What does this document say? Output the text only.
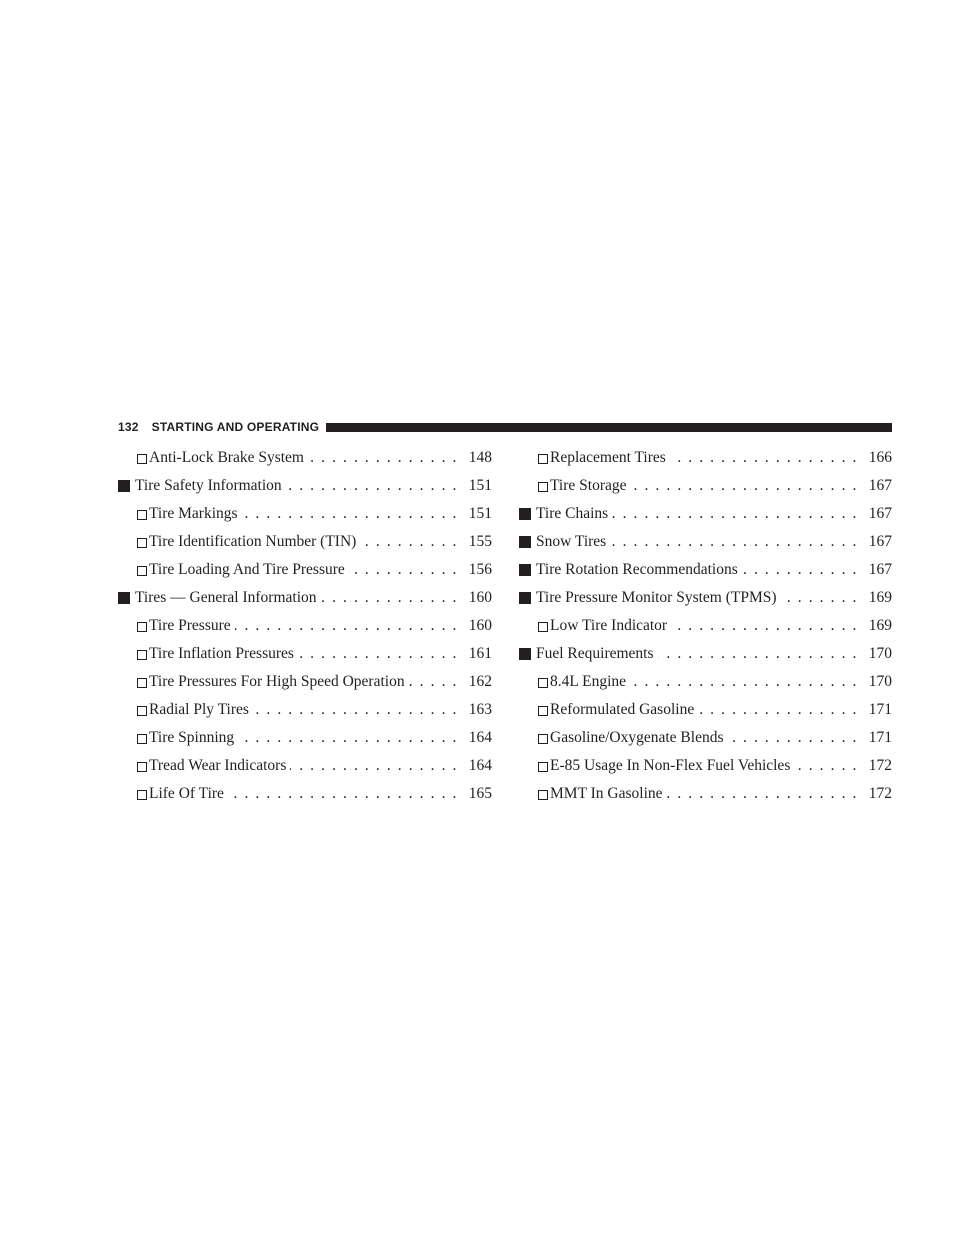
132 STARTING AND OPERATING
Anti-Lock Brake System . . .	148
Tire Safety Information . . .	151
Tire Markings . . .	151
Tire Identification Number (TIN) . . .	155
Tire Loading And Tire Pressure . . .	156
Tires — General Information . . .	160
Tire Pressure . . .	160
Tire Inflation Pressures . . .	161
Tire Pressures For High Speed Operation . . .	162
Radial Ply Tires . . .	163
Tire Spinning . . .	164
Tread Wear Indicators . . .	164
Life Of Tire . . .	165
Replacement Tires . . .	166
Tire Storage . . .	167
Tire Chains . . .	167
Snow Tires . . .	167
Tire Rotation Recommendations . . .	167
Tire Pressure Monitor System (TPMS) . . .	169
Low Tire Indicator . . .	169
Fuel Requirements . . .	170
8.4L Engine . . .	170
Reformulated Gasoline . . .	171
Gasoline/Oxygenate Blends . . .	171
E-85 Usage In Non-Flex Fuel Vehicles . . .	172
MMT In Gasoline . . .	172
